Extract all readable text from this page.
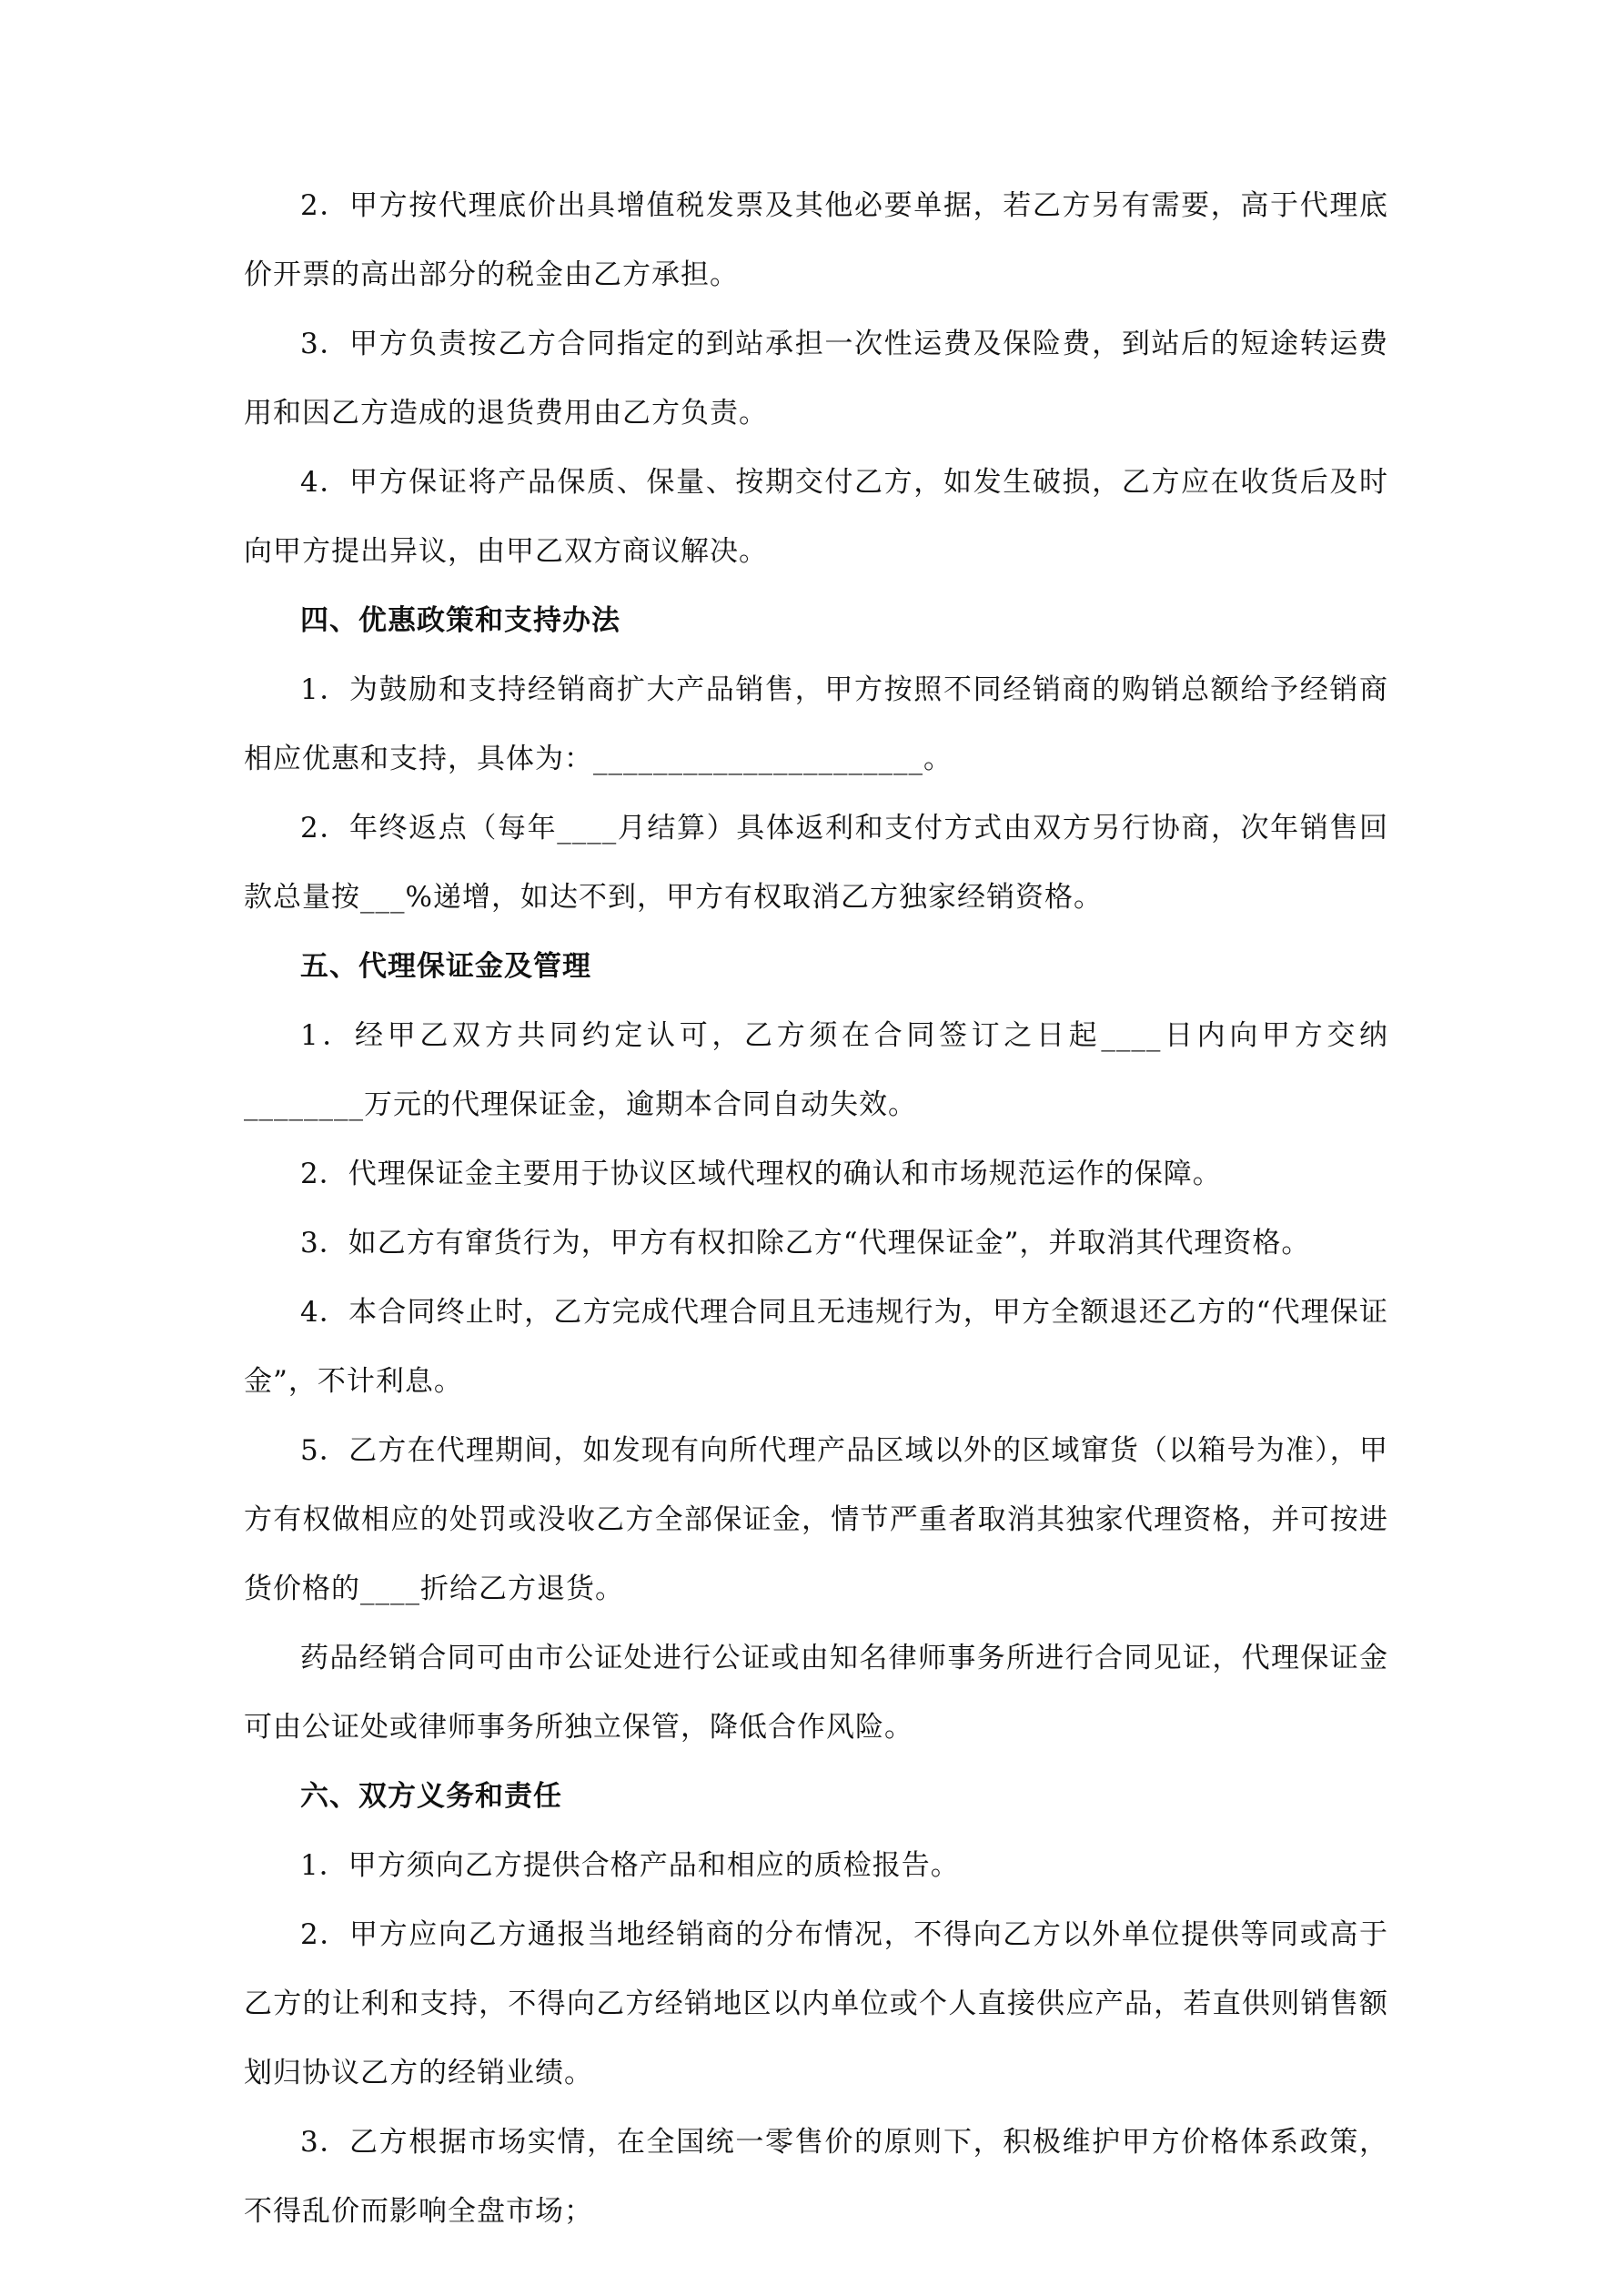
2．甲方按代理底价出具增值税发票及其他必要单据，若乙方另有需要，高于代理底价开票的高出部分的税金由乙方承担。

3．甲方负责按乙方合同指定的到站承担一次性运费及保险费，到站后的短途转运费用和因乙方造成的退货费用由乙方负责。

4．甲方保证将产品保质、保量、按期交付乙方，如发生破损，乙方应在收货后及时向甲方提出异议，由甲乙双方商议解决。

四、优惠政策和支持办法

1．为鼓励和支持经销商扩大产品销售，甲方按照不同经销商的购销总额给予经销商相应优惠和支持，具体为：______________________。

2．年终返点（每年____月结算）具体返利和支付方式由双方另行协商，次年销售回款总量按___%递增，如达不到，甲方有权取消乙方独家经销资格。

五、代理保证金及管理

1．经甲乙双方共同约定认可，乙方须在合同签订之日起____日内向甲方交纳________万元的代理保证金，逾期本合同自动失效。

2．代理保证金主要用于协议区域代理权的确认和市场规范运作的保障。

3．如乙方有窜货行为，甲方有权扣除乙方“代理保证金”，并取消其代理资格。

4．本合同终止时，乙方完成代理合同且无违规行为，甲方全额退还乙方的“代理保证金”，不计利息。

5．乙方在代理期间，如发现有向所代理产品区域以外的区域窜货（以箱号为准），甲方有权做相应的处罚或没收乙方全部保证金，情节严重者取消其独家代理资格，并可按进货价格的____折给乙方退货。

药品经销合同可由市公证处进行公证或由知名律师事务所进行合同见证，代理保证金可由公证处或律师事务所独立保管，降低合作风险。

六、双方义务和责任

1．甲方须向乙方提供合格产品和相应的质检报告。

2．甲方应向乙方通报当地经销商的分布情况，不得向乙方以外单位提供等同或高于乙方的让利和支持，不得向乙方经销地区以内单位或个人直接供应产品，若直供则销售额划归协议乙方的经销业绩。

3．乙方根据市场实情，在全国统一零售价的原则下，积极维护甲方价格体系政策，不得乱价而影响全盘市场；
